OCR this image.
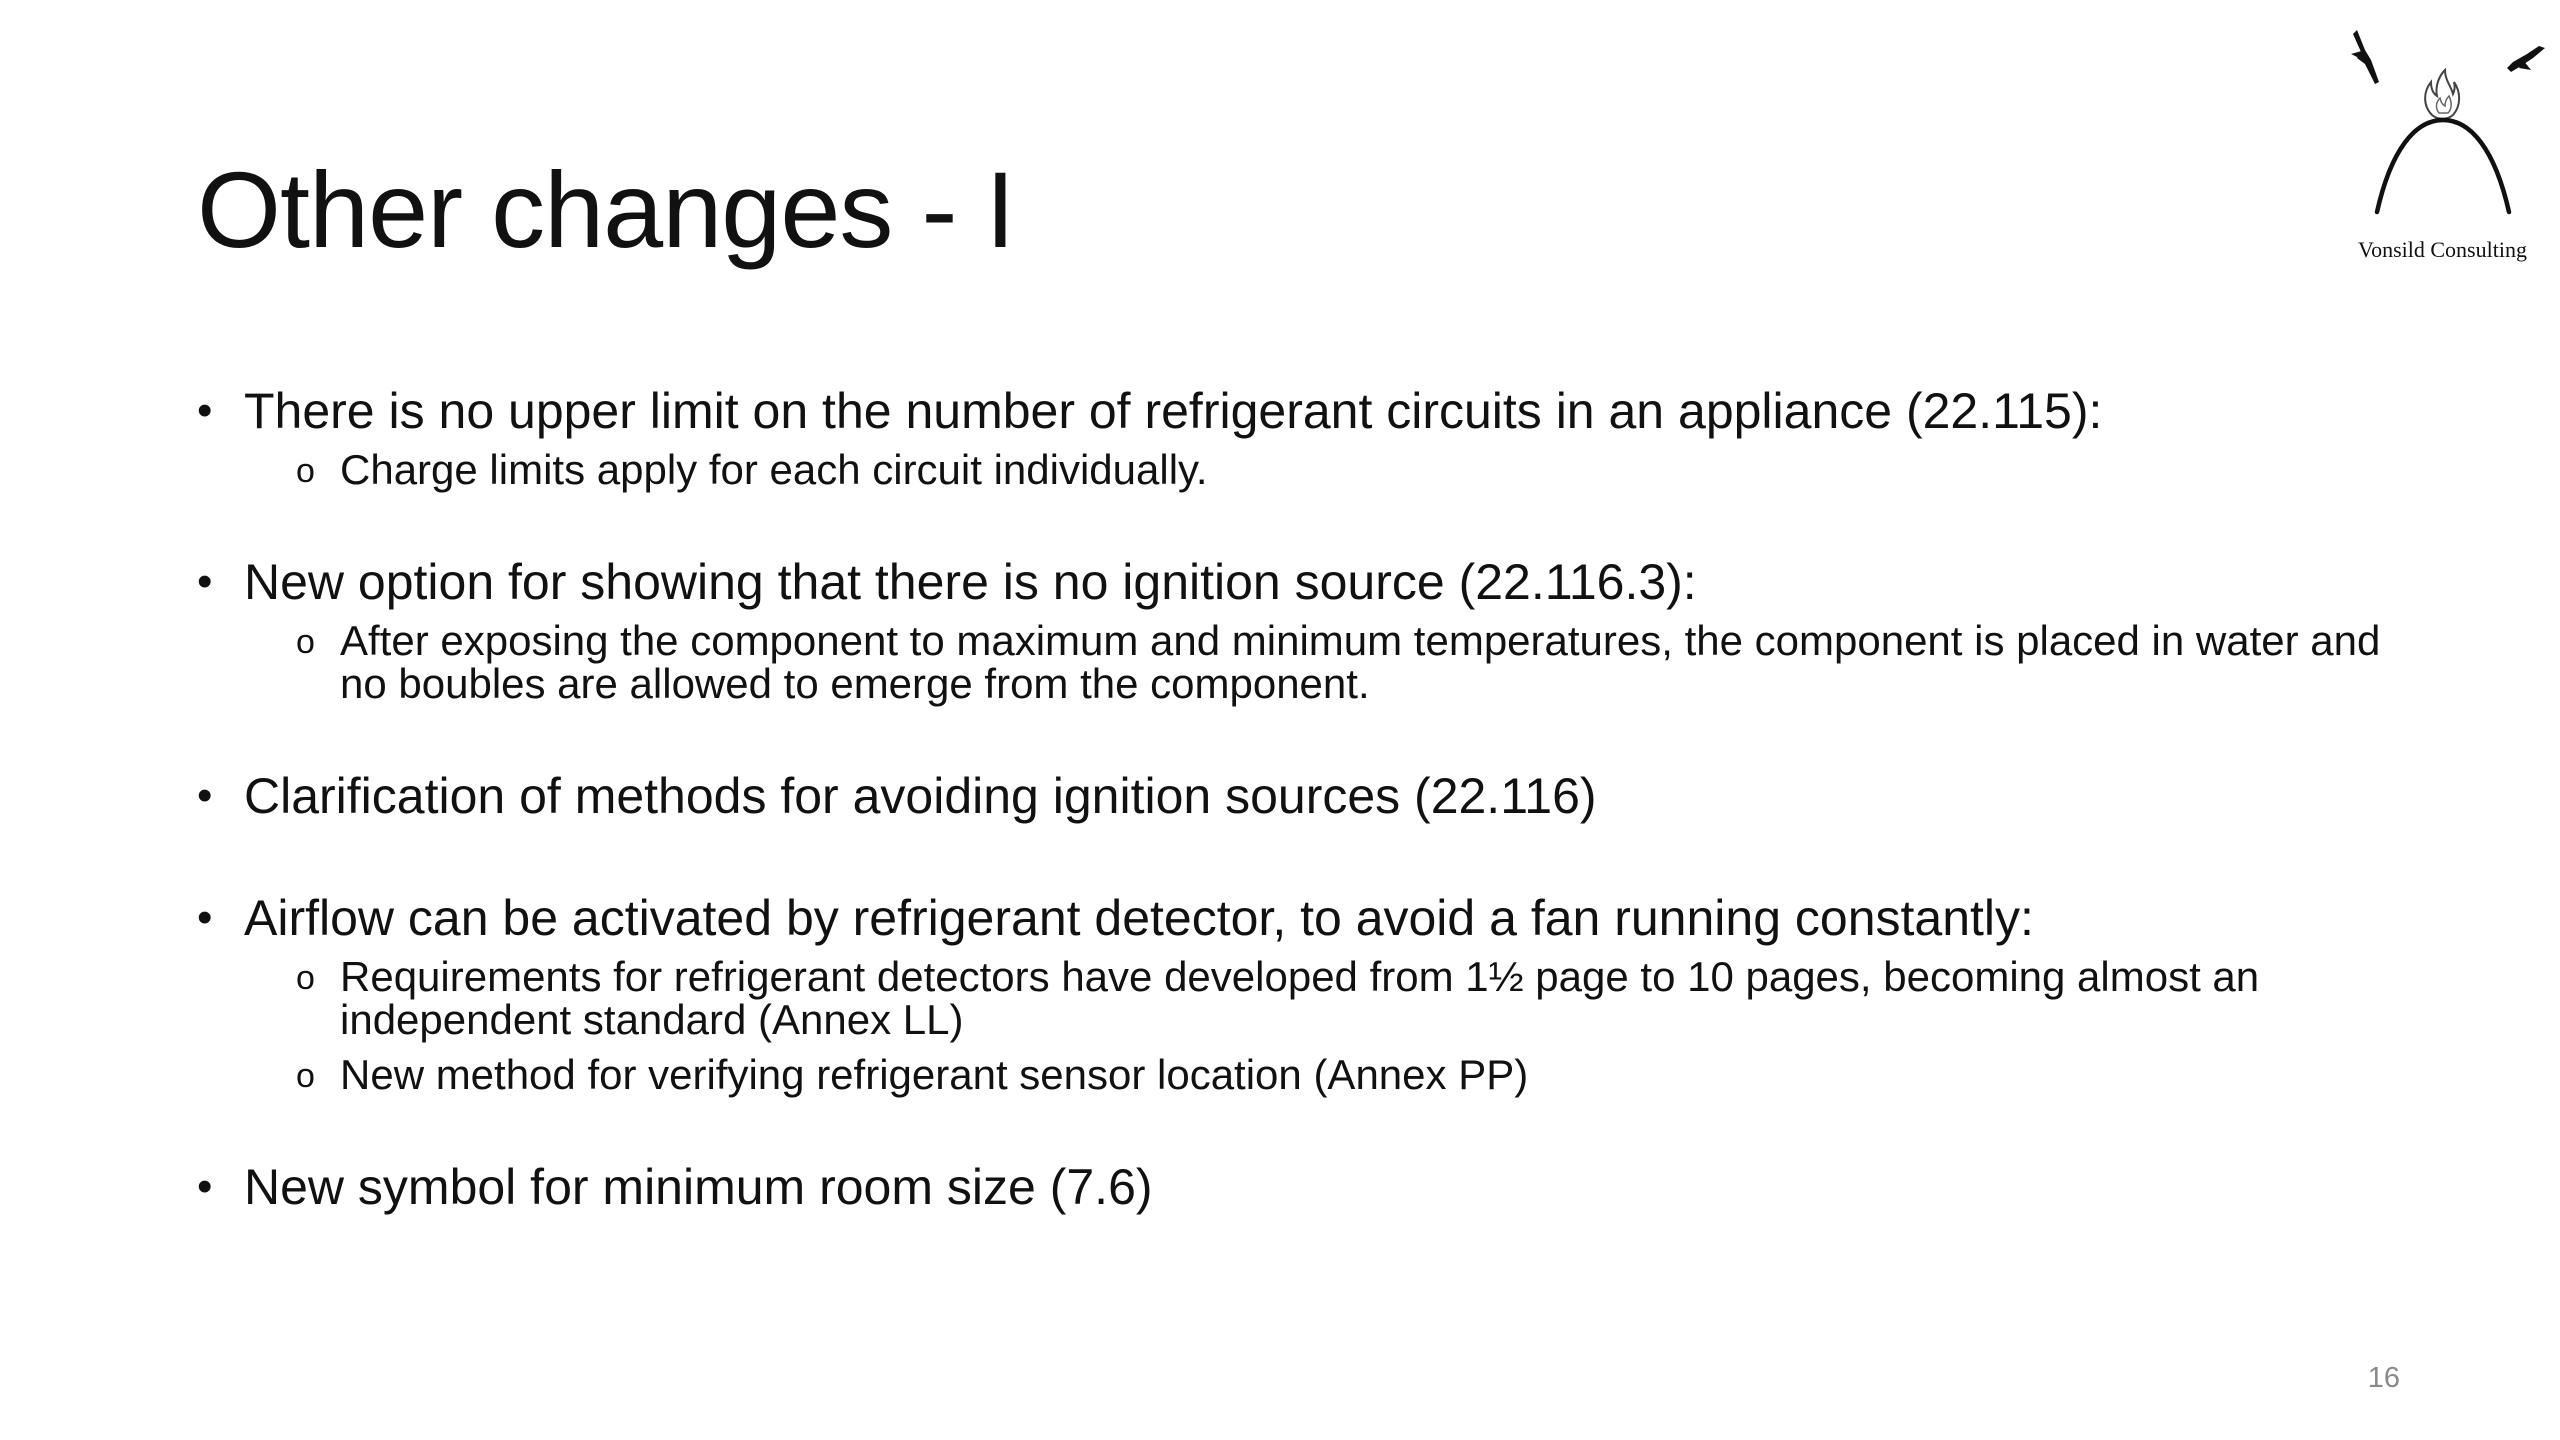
Other changes - I	Vonsild Consulting
• There is no upper limit on the number of refrigerant circuits in an appliance (22.115):
o Charge limits apply for each circuit individually.
• New option for showing that there is no ignition source (22.116.3):
o After exposing the component to maximum and minimum temperatures, the component is placed in water and no boubles are allowed to emerge from the component.
• Clarification of methods for avoiding ignition sources (22.116)
• Airflow can be activated by refrigerant detector, to avoid a fan running constantly:
o Requirements for refrigerant detectors have developed from 1½ page to 10 pages, becoming almost an independent standard (Annex LL)
o New method for verifying refrigerant sensor location (Annex PP)
• New symbol for minimum room size (7.6)
16
